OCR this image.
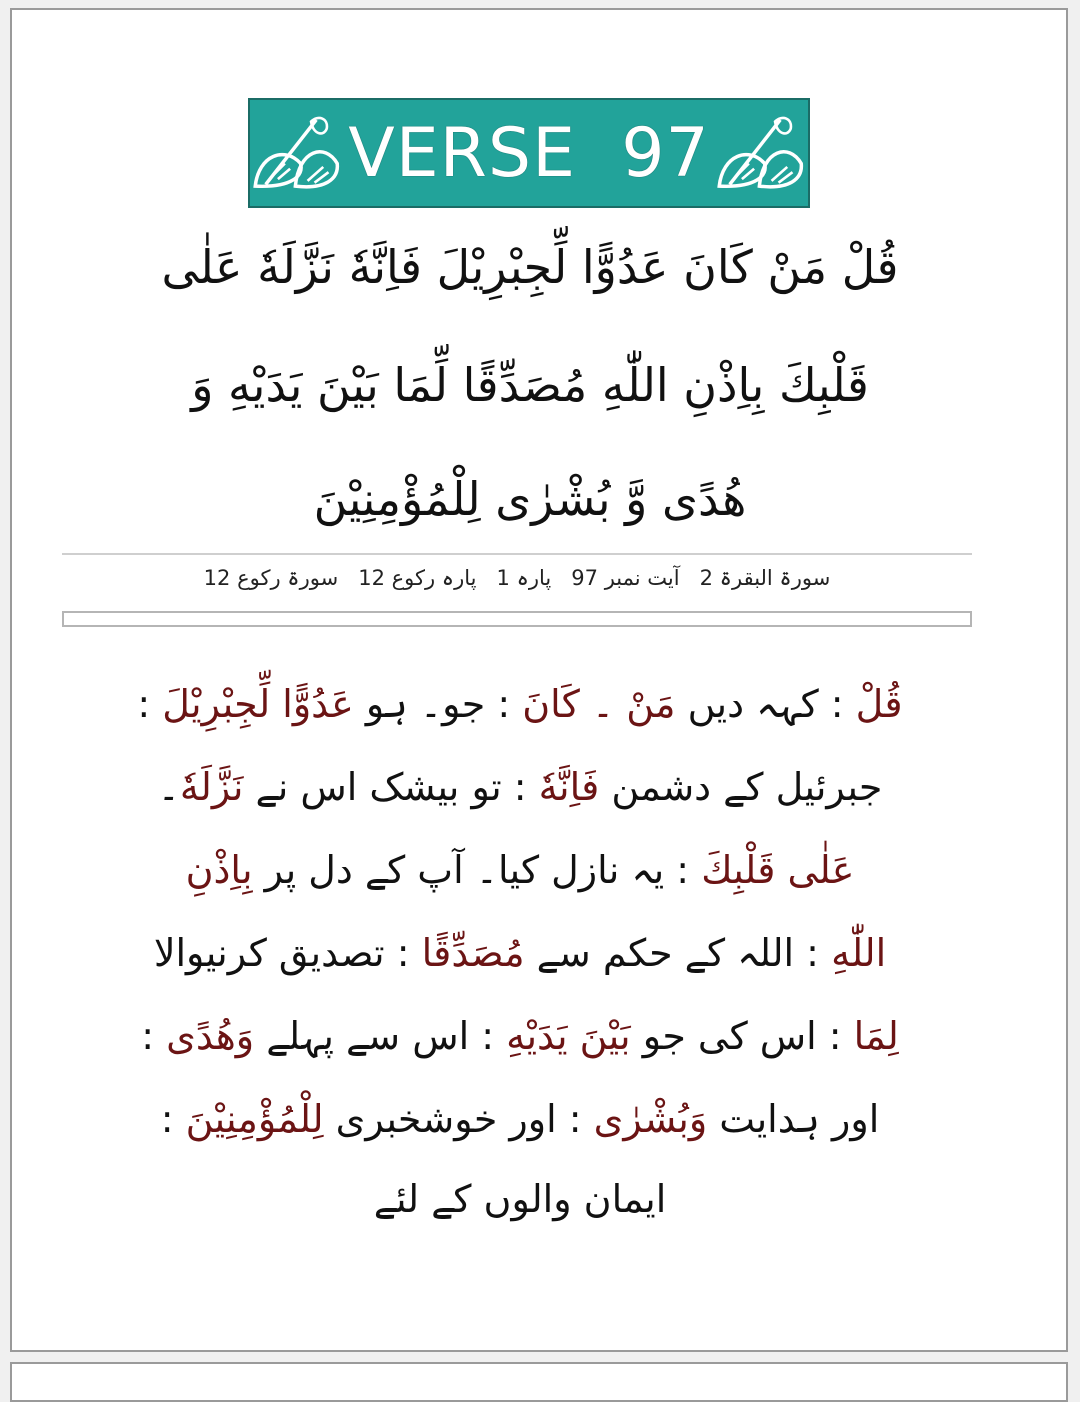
VERSE  97
قُلْ مَنْ كَانَ عَدُوًّا لِّجِبْرِيْلَ فَاِنَّهٗ نَزَّلَهٗ عَلٰى
قَلْبِكَ بِاِذْنِ اللّٰهِ مُصَدِّقًا لِّمَا بَيْنَ يَدَيْهِ وَ
هُدًى وَّ بُشْرٰى لِلْمُؤْمِنِيْنَ
سورۃ البقرۃ 2   آیت نمبر 97   پارہ 1   پارہ رکوع 12   سورۃ رکوع 12
قُلْ : کہہ دیں مَنْ ۔ كَانَ : جو۔ ہو عَدُوًّا لِّجِبْرِيْلَ :
جبرئیل کے دشمن فَاِنَّهٗ : تو بیشک اس نے نَزَّلَهٗ۔
عَلٰى قَلْبِكَ : یہ نازل کیا۔ آپ کے دل پر بِاِذْنِ
اللّٰهِ : اللہ کے حکم سے مُصَدِّقًا : تصدیق کرنیوالا
لِمَا : اس کی جو بَيْنَ يَدَيْهِ : اس سے پہلے وَهُدًى :
اور ہدایت وَبُشْرٰى : اور خوشخبری لِلْمُؤْمِنِيْنَ :
ایمان والوں کے لئے
